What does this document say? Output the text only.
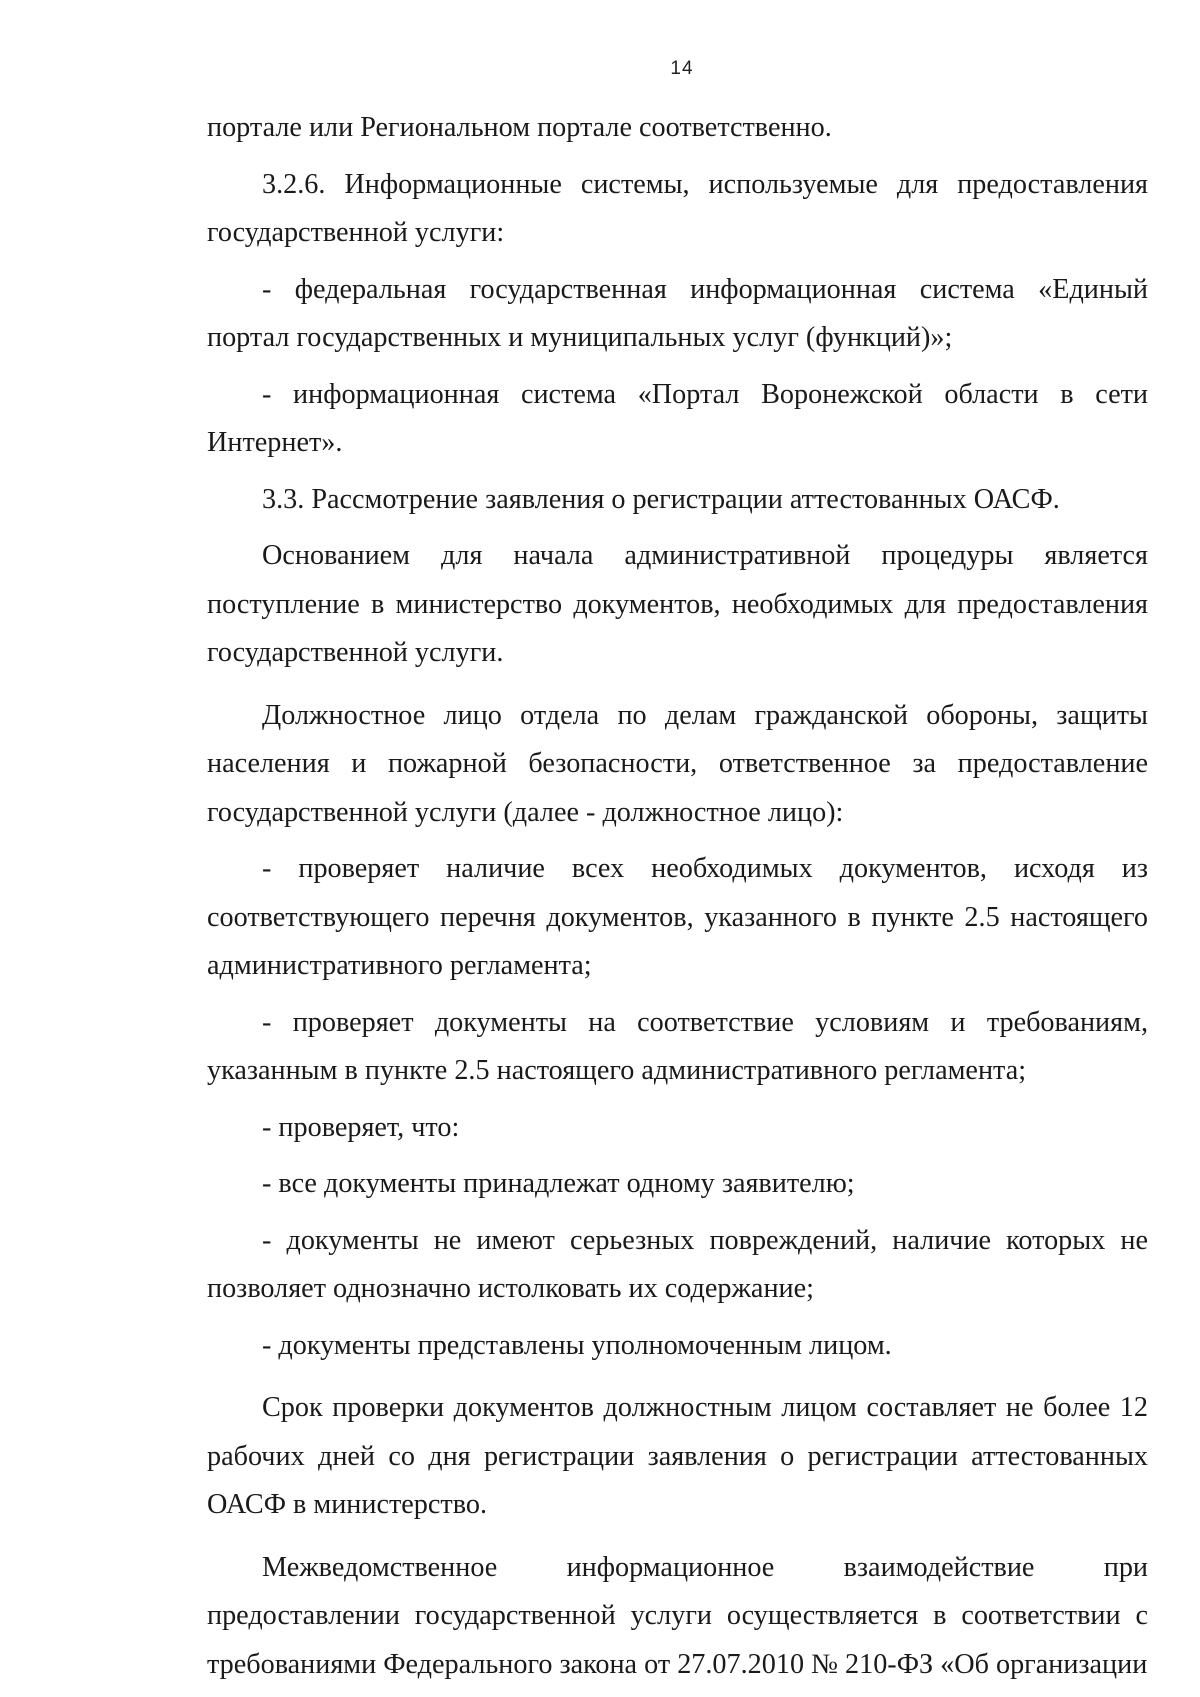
14

порталe или Региональном портале соответственно.

3.2.6. Информационные системы, используемые для предоставления государственной услуги:

- федеральная государственная информационная система «Единый портал государственных и муниципальных услуг (функций)»;

- информационная система «Портал Воронежской области в сети Интернет».

3.3. Рассмотрение заявления о регистрации аттестованных ОАСФ.

Основанием для начала административной процедуры является поступление в министерство документов, необходимых для предоставления государственной услуги.

Должностное лицо отдела по делам гражданской обороны, защиты населения и пожарной безопасности, ответственное за предоставление государственной услуги (далее - должностное лицо):

- проверяет наличие всех необходимых документов, исходя из соответствующего перечня документов, указанного в пункте 2.5 настоящего административного регламента;

- проверяет документы на соответствие условиям и требованиям, указанным в пункте 2.5 настоящего административного регламента;

- проверяет, что:

- все документы принадлежат одному заявителю;

- документы не имеют серьезных повреждений, наличие которых не позволяет однозначно истолковать их содержание;

- документы представлены уполномоченным лицом.

Срок проверки документов должностным лицом составляет не более 12 рабочих дней со дня регистрации заявления о регистрации аттестованных ОАСФ в министерство.

Межведомственное информационное взаимодействие при предоставлении государственной услуги осуществляется в соответствии с требованиями Федерального закона от 27.07.2010 № 210-ФЗ «Об организации
